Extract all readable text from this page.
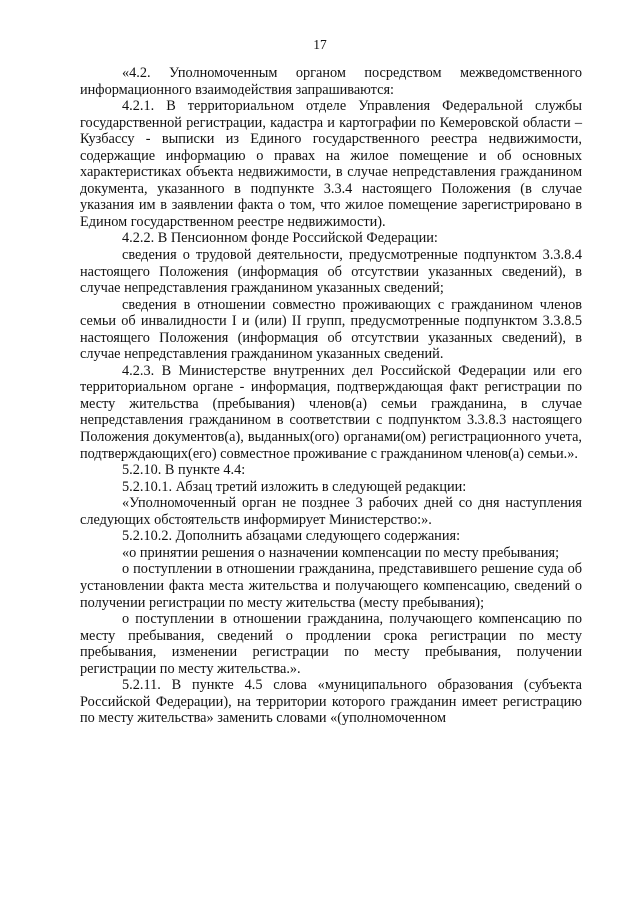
17

«4.2. Уполномоченным органом посредством межведомственного информационного взаимодействия запрашиваются:

4.2.1. В территориальном отделе Управления Федеральной службы государственной регистрации, кадастра и картографии по Кемеровской области – Кузбассу - выписки из Единого государственного реестра недвижимости, содержащие информацию о правах на жилое помещение и об основных характеристиках объекта недвижимости, в случае непредставления гражданином документа, указанного в подпункте 3.3.4 настоящего Положения (в случае указания им в заявлении факта о том, что жилое помещение зарегистрировано в Едином государственном реестре недвижимости).

4.2.2. В Пенсионном фонде Российской Федерации:

сведения о трудовой деятельности, предусмотренные подпунктом 3.3.8.4 настоящего Положения (информация об отсутствии указанных сведений), в случае непредставления гражданином указанных сведений;

сведения в отношении совместно проживающих с гражданином членов семьи об инвалидности I и (или) II групп, предусмотренные подпунктом 3.3.8.5 настоящего Положения (информация об отсутствии указанных сведений), в случае непредставления гражданином указанных сведений.

4.2.3. В Министерстве внутренних дел Российской Федерации или его территориальном органе - информация, подтверждающая факт регистрации по месту жительства (пребывания) членов(а) семьи гражданина, в случае непредставления гражданином в соответствии с подпунктом 3.3.8.3 настоящего Положения документов(а), выданных(ого) органами(ом) регистрационного учета, подтверждающих(его) совместное проживание с гражданином членов(а) семьи.».

5.2.10. В пункте 4.4:

5.2.10.1. Абзац третий изложить в следующей редакции:

«Уполномоченный орган не позднее 3 рабочих дней со дня наступления следующих обстоятельств информирует Министерство:».

5.2.10.2. Дополнить абзацами следующего содержания:

«о принятии решения о назначении компенсации по месту пребывания;

о поступлении в отношении гражданина, представившего решение суда об установлении факта места жительства и получающего компенсацию, сведений о получении регистрации по месту жительства (месту пребывания);

о поступлении в отношении гражданина, получающего компенсацию по месту пребывания, сведений о продлении срока регистрации по месту пребывания, изменении регистрации по месту пребывания, получении регистрации по месту жительства.».

5.2.11. В пункте 4.5 слова «муниципального образования (субъекта Российской Федерации), на территории которого гражданин имеет регистрацию по месту жительства» заменить словами «(уполномоченном
